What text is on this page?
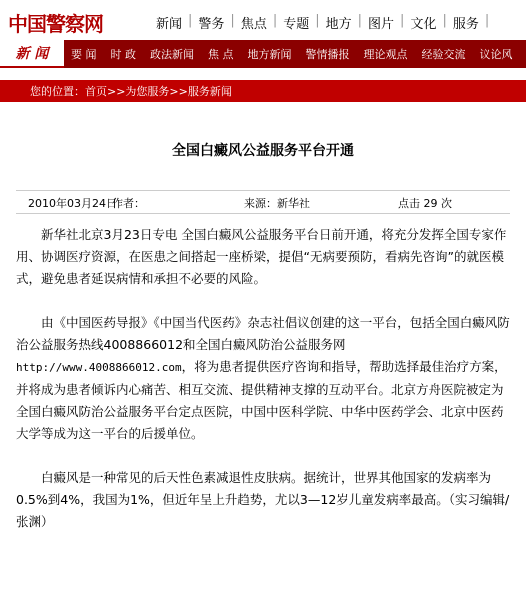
中国警察网	新闻 | 警务 | 焦点 | 专题 | 地方 | 图片 | 文化 | 服务 |
新 闻	要 闻	时 政	政法新闻	焦 点	地方新闻	警情播报	理论观点	经验交流	议论风
您的位置：首页>>为您服务>>服务新闻
全国白癜风公益服务平台开通
2010年03月24日
作者：	来源：新华社	点击 29 次

新华社北京3月23日专电 全国白癜风公益服务平台日前开通，将充分发挥全国专家作用、协调医疗资源，在医患之间搭起一座桥梁，提倡“无病要预防，看病先咨询”的就医模式，避免患者延误病情和承担不必要的风险。

由《中国医药导报》《中国当代医药》杂志社倡议创建的这一平台，包括全国白癜风防治公益服务热线4008866012和全国白癜风防治公益服务网http://www.4008866012.com，将为患者提供医疗咨询和指导，帮助选择最佳治疗方案，并将成为患者倾诉内心痛苦、相互交流、提供精神支撑的互动平台。北京方舟医院被定为全国白癜风防治公益服务平台定点医院，中国中医科学院、中华中医药学会、北京中医药大学等成为这一平台的后援单位。

白癜风是一种常见的后天性色素减退性皮肤病。据统计，世界其他国家的发病率为0.5%到4%，我国为1%，但近年呈上升趋势，尤以3—12岁儿童发病率最高。（实习编辑/张渊）
